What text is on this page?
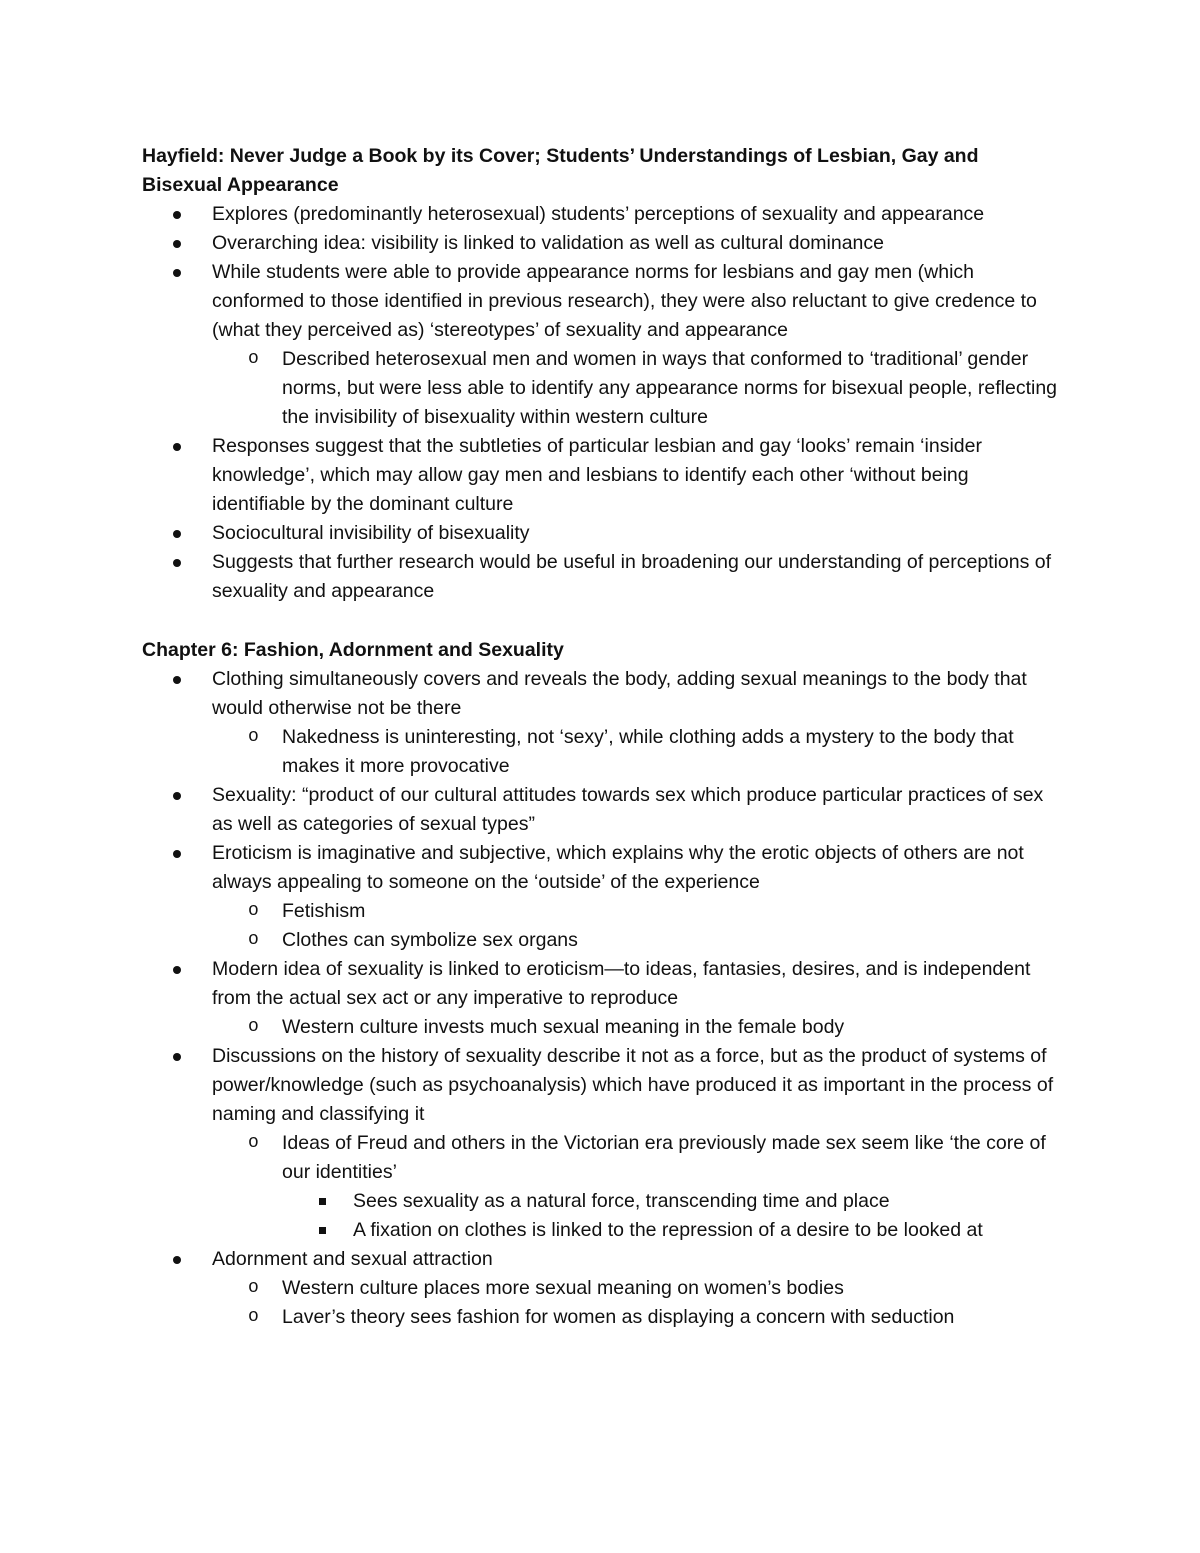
Hayfield: Never Judge a Book by its Cover; Students’ Understandings of Lesbian, Gay and Bisexual Appearance

Explores (predominantly heterosexual) students’ perceptions of sexuality and appearance
Overarching idea: visibility is linked to validation as well as cultural dominance
While students were able to provide appearance norms for lesbians and gay men (which conformed to those identified in previous research), they were also reluctant to give credence to (what they perceived as) ‘stereotypes’ of sexuality and appearance
o Described heterosexual men and women in ways that conformed to ‘traditional’ gender norms, but were less able to identify any appearance norms for bisexual people, reflecting the invisibility of bisexuality within western culture
Responses suggest that the subtleties of particular lesbian and gay ‘looks’ remain ‘insider knowledge’, which may allow gay men and lesbians to identify each other ‘without being identifiable by the dominant culture
Sociocultural invisibility of bisexuality
Suggests that further research would be useful in broadening our understanding of perceptions of sexuality and appearance

Chapter 6: Fashion, Adornment and Sexuality

Clothing simultaneously covers and reveals the body, adding sexual meanings to the body that would otherwise not be there
o Nakedness is uninteresting, not ‘sexy’, while clothing adds a mystery to the body that makes it more provocative
Sexuality: “product of our cultural attitudes towards sex which produce particular practices of sex as well as categories of sexual types”
Eroticism is imaginative and subjective, which explains why the erotic objects of others are not always appealing to someone on the ‘outside’ of the experience
o Fetishism
o Clothes can symbolize sex organs
Modern idea of sexuality is linked to eroticism—to ideas, fantasies, desires, and is independent from the actual sex act or any imperative to reproduce
o Western culture invests much sexual meaning in the female body
Discussions on the history of sexuality describe it not as a force, but as the product of systems of power/knowledge (such as psychoanalysis) which have produced it as important in the process of naming and classifying it
o Ideas of Freud and others in the Victorian era previously made sex seem like ‘the core of our identities’
Sees sexuality as a natural force, transcending time and place
A fixation on clothes is linked to the repression of a desire to be looked at
Adornment and sexual attraction
o Western culture places more sexual meaning on women’s bodies
o Laver’s theory sees fashion for women as displaying a concern with seduction
